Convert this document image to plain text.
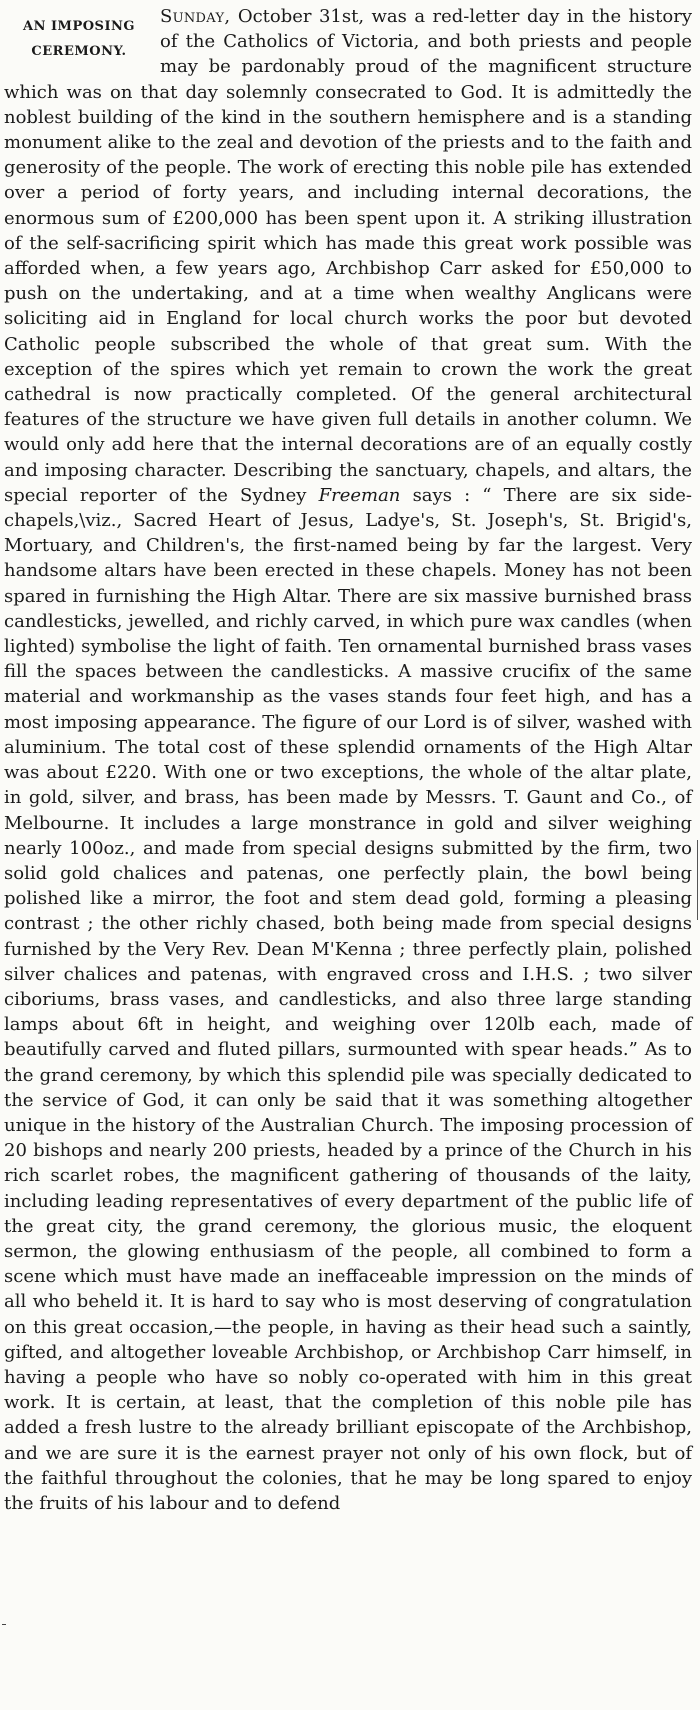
AN IMPOSING
CEREMONY.

Sunday, October 31st, was a red-letter day in the history of the Catholics of Victoria, and both priests and people may be pardonably proud of the magnificent structure which was on that day solemnly consecrated to God. It is admittedly the noblest building of the kind in the southern hemisphere and is a standing monument alike to the zeal and devotion of the priests and to the faith and generosity of the people. The work of erecting this noble pile has extended over a period of forty years, and including internal decorations, the enormous sum of £200,000 has been spent upon it. A striking illustration of the self-sacrificing spirit which has made this great work possible was afforded when, a few years ago, Archbishop Carr asked for £50,000 to push on the undertaking, and at a time when wealthy Anglicans were soliciting aid in England for local church works the poor but devoted Catholic people subscribed the whole of that great sum. With the exception of the spires which yet remain to crown the work the great cathedral is now practically completed. Of the general architectural features of the structure we have given full details in another column. We would only add here that the internal decorations are of an equally costly and imposing character. Describing the sanctuary, chapels, and altars, the special reporter of the Sydney Freeman says : “ There are six side-chapels,\viz., Sacred Heart of Jesus, Ladye's, St. Joseph's, St. Brigid's, Mortuary, and Children's, the first-named being by far the largest. Very handsome altars have been erected in these chapels. Money has not been spared in furnishing the High Altar. There are six massive burnished brass candlesticks, jewelled, and richly carved, in which pure wax candles (when lighted) symbolise the light of faith. Ten ornamental burnished brass vases fill the spaces between the candlesticks. A massive crucifix of the same material and workmanship as the vases stands four feet high, and has a most imposing appearance. The figure of our Lord is of silver, washed with aluminium. The total cost of these splendid ornaments of the High Altar was about £220. With one or two exceptions, the whole of the altar plate, in gold, silver, and brass, has been made by Messrs. T. Gaunt and Co., of Melbourne. It includes a large monstrance in gold and silver weighing nearly 100oz., and made from special designs submitted by the firm, two solid gold chalices and patenas, one perfectly plain, the bowl being polished like a mirror, the foot and stem dead gold, forming a pleasing contrast ; the other richly chased, both being made from special designs furnished by the Very Rev. Dean M'Kenna ; three perfectly plain, polished silver chalices and patenas, with engraved cross and I.H.S. ; two silver ciboriums, brass vases, and candlesticks, and also three large standing lamps about 6ft in height, and weighing over 120lb each, made of beautifully carved and fluted pillars, surmounted with spear heads.” As to the grand ceremony, by which this splendid pile was specially dedicated to the service of God, it can only be said that it was something altogether unique in the history of the Australian Church. The imposing procession of 20 bishops and nearly 200 priests, headed by a prince of the Church in his rich scarlet robes, the magnificent gathering of thousands of the laity, including leading representatives of every department of the public life of the great city, the grand ceremony, the glorious music, the eloquent sermon, the glowing enthusiasm of the people, all combined to form a scene which must have made an ineffaceable impression on the minds of all who beheld it. It is hard to say who is most deserving of congratulation on this great occasion,—the people, in having as their head such a saintly, gifted, and altogether loveable Archbishop, or Archbishop Carr himself, in having a people who have so nobly co-operated with him in this great work. It is certain, at least, that the completion of this noble pile has added a fresh lustre to the already brilliant episcopate of the Archbishop, and we are sure it is the earnest prayer not only of his own flock, but of the faithful throughout the colonies, that he may be long spared to enjoy the fruits of his labour and to defend
